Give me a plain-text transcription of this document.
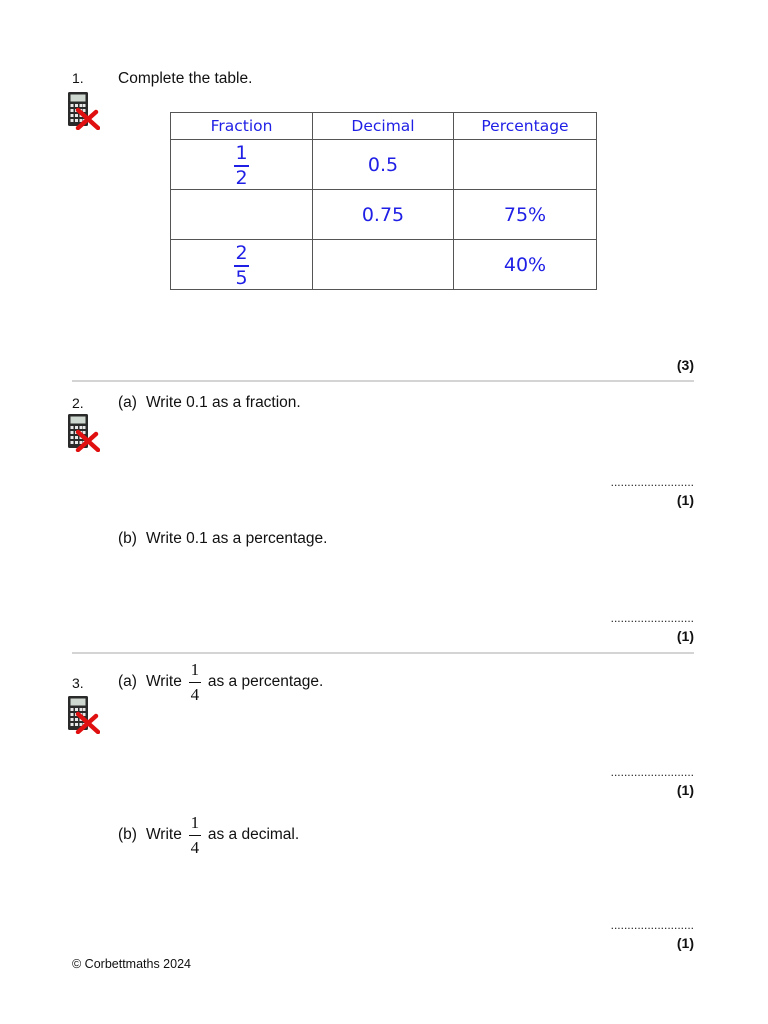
1. Complete the table.
Fraction	Decimal	Percentage

$\frac{1}{2}$	0.5	
	0.75	75%

$\frac{2}{5}$		40%
(3)
2. (a) Write 0.1 as a fraction.
.........................
(1)
(b) Write 0.1 as a percentage.
.........................
(1)
3. (a) Write $\frac{1}{4}$ as a percentage.
.........................
(1)
(b) Write $\frac{1}{4}$ as a decimal.
.........................
(1)
© Corbettmaths 2024
